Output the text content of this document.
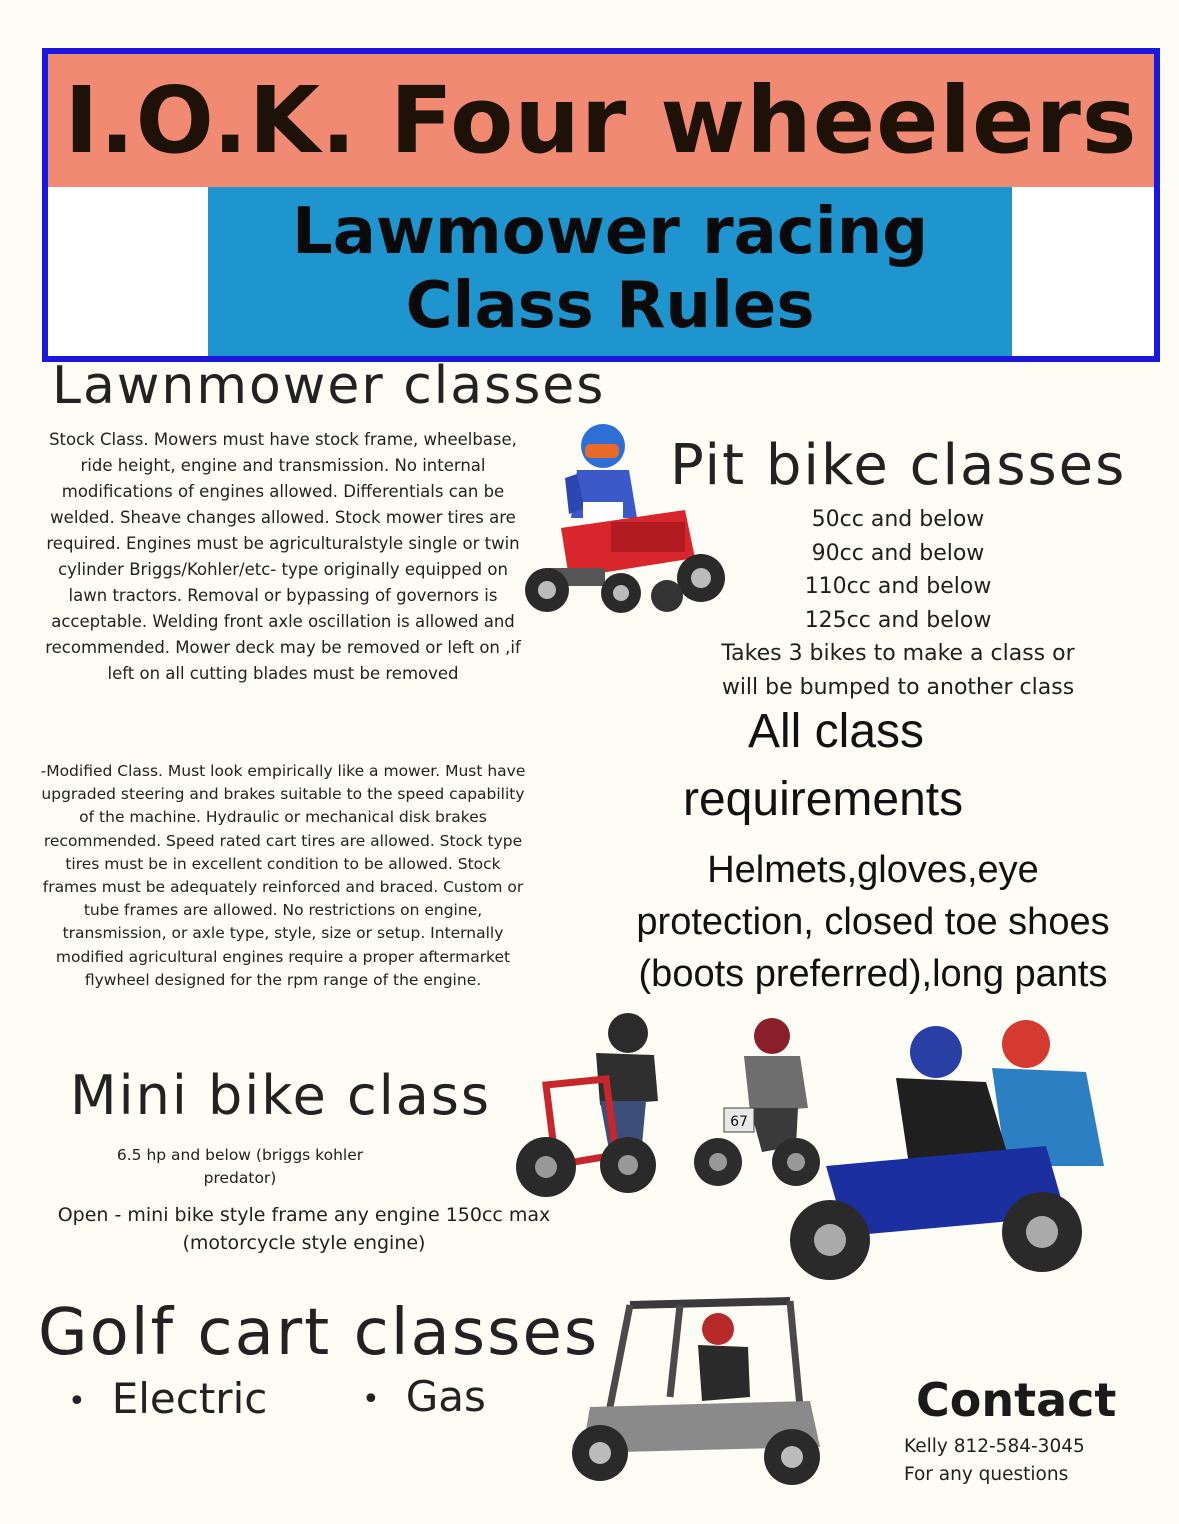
I.O.K. Four wheelers
Lawmower racing
Class Rules
Lawnmower classes
Stock Class. Mowers must have stock frame, wheelbase, ride height, engine and transmission. No internal modifications of engines allowed. Differentials can be welded. Sheave changes allowed. Stock mower tires are required. Engines must be agriculturalstyle single or twin cylinder Briggs/Kohler/etc- type originally equipped on lawn tractors. Removal or bypassing of governors is acceptable. Welding front axle oscillation is allowed and recommended. Mower deck may be removed or left on ,if left on all cutting blades must be removed
-Modified Class. Must look empirically like a mower. Must have upgraded steering and brakes suitable to the speed capability of the machine. Hydraulic or mechanical disk brakes recommended. Speed rated cart tires are allowed. Stock type tires must be in excellent condition to be allowed. Stock frames must be adequately reinforced and braced. Custom or tube frames are allowed. No restrictions on engine, transmission, or axle type, style, size or setup. Internally modified agricultural engines require a proper aftermarket flywheel designed for the rpm range of the engine.
Pit bike classes
50cc and below
90cc and below
110cc and below
125cc and below
Takes 3 bikes to make a class or
will be bumped to another class
All class
requirements
Helmets,gloves,eye
protection, closed toe shoes
(boots preferred),long pants
Mini bike class
6.5 hp and below (briggs kohler
predator)
Open - mini bike style frame any engine 150cc max
(motorcycle style engine)
67
Golf cart classes
• Electric
•	Gas	Contact
Kelly 812-584-3045
For any questions
